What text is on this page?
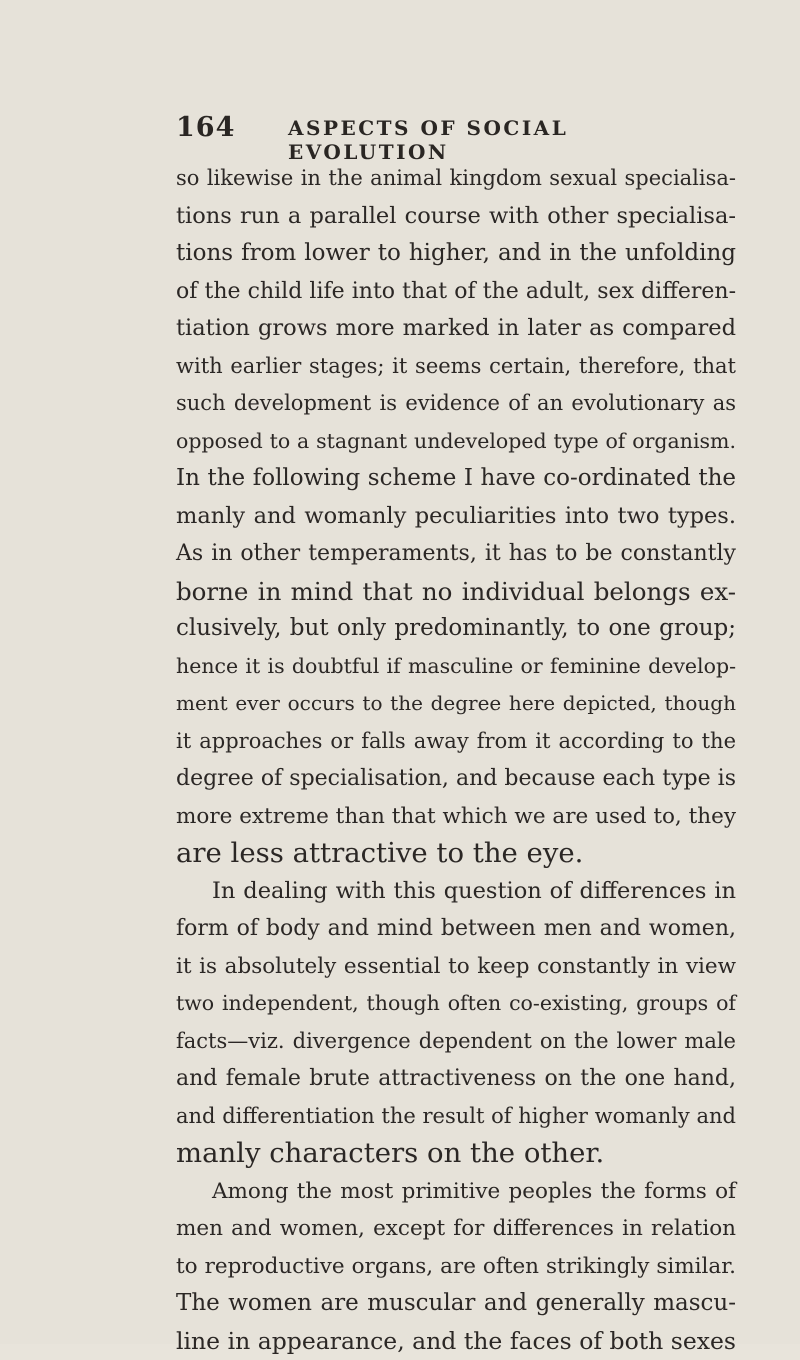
164	ASPECTS OF SOCIAL EVOLUTION
so likewise in the animal kingdom sexual specialisa-
tions run a parallel course with other specialisa-
tions from lower to higher, and in the unfolding
of the child life into that of the adult, sex differen-
tiation grows more marked in later as compared
with earlier stages; it seems certain, therefore, that
such development is evidence of an evolutionary as
opposed to a stagnant undeveloped type of organism.
In the following scheme I have co-ordinated the
manly and womanly peculiarities into two types.
As in other temperaments, it has to be constantly
borne in mind that no individual belongs ex-
clusively, but only predominantly, to one group;
hence it is doubtful if masculine or feminine develop-
ment ever occurs to the degree here depicted, though
it approaches or falls away from it according to the
degree of specialisation, and because each type is
more extreme than that which we are used to, they
are less attractive to the eye.
In dealing with this question of differences in
form of body and mind between men and women,
it is absolutely essential to keep constantly in view
two independent, though often co-existing, groups of
facts—viz. divergence dependent on the lower male
and female brute attractiveness on the one hand,
and differentiation the result of higher womanly and
manly characters on the other.
Among the most primitive peoples the forms of
men and women, except for differences in relation
to reproductive organs, are often strikingly similar.
The women are muscular and generally mascu-
line in appearance, and the faces of both sexes
